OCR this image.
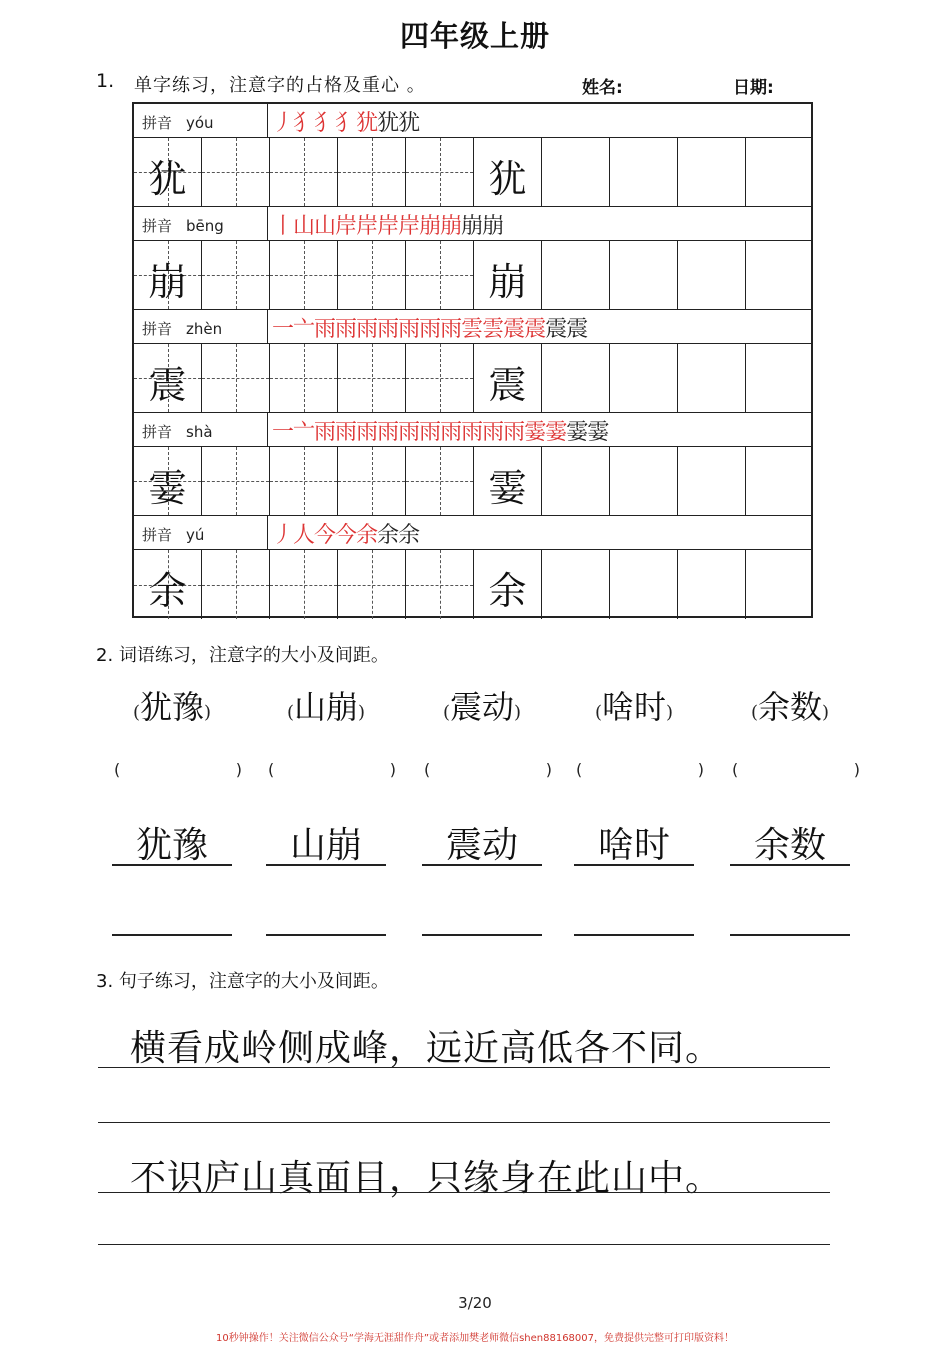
四年级上册
1. 单字练习，注意字的占格及重心 。	姓名:	日期:
拼音 yóu	丿犭犭犭犹犹犹
犹	犹
拼音 bēng 丨山山岸岸岸岸崩崩崩崩
崩	崩
拼音 zhèn 一亠雨雨雨雨雨雨雨雲雲震震震震
震	震
拼音 shà	一亠雨雨雨雨雨雨雨雨雨雨霎霎霎霎
霎	霎
拼音 yú	丿人今今余余余
余	余
2. 词语练习，注意字的大小及间距。
(犹豫)
(	)
犹豫
(山崩)
(	)
山崩
(震动)
(	)
震动
(啥时)
(	)
啥时
(余数)
(	)
余数
3. 句子练习，注意字的大小及间距。
横看成岭侧成峰，远近高低各不同。
不识庐山真面目，只缘身在此山中。
3/20
10秒钟操作！关注微信公众号“学海无涯甜作舟”或者添加樊老师微信shen88168007，免费提供完整可打印版资料！
